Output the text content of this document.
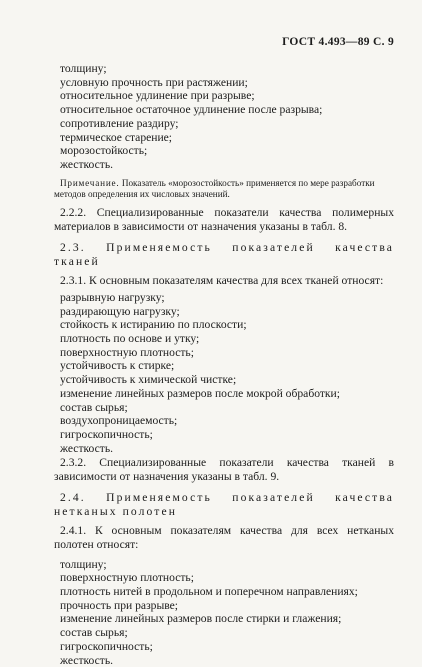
ГОСТ 4.493—89 С. 9
толщину;
условную прочность при растяжении;
относительное удлинение при разрыве;
относительное остаточное удлинение после разрыва;
сопротивление раздиру;
термическое старение;
морозостойкость;
жесткость.
Примечание. Показатель «морозостойкость» применяется по мере разработки методов определения их числовых значений.
2.2.2. Специализированные показатели качества полимерных материалов в зависимости от назначения указаны в табл. 8.
2.3. Применяемость показателей качества тканей
2.3.1. К основным показателям качества для всех тканей относят:
разрывную нагрузку;
раздирающую нагрузку;
стойкость к истиранию по плоскости;
плотность по основе и утку;
поверхностную плотность;
устойчивость к стирке;
устойчивость к химической чистке;
изменение линейных размеров после мокрой обработки;
состав сырья;
воздухопроницаемость;
гигроскопичность;
жесткость.
2.3.2. Специализированные показатели качества тканей в зависимости от назначения указаны в табл. 9.
2.4. Применяемость показателей качества нетканых полотен
2.4.1. К основным показателям качества для всех нетканых полотен относят:
толщину;
поверхностную плотность;
плотность нитей в продольном и поперечном направлениях;
прочность при разрыве;
изменение линейных размеров после стирки и глажения;
состав сырья;
гигроскопичность;
жесткость.
